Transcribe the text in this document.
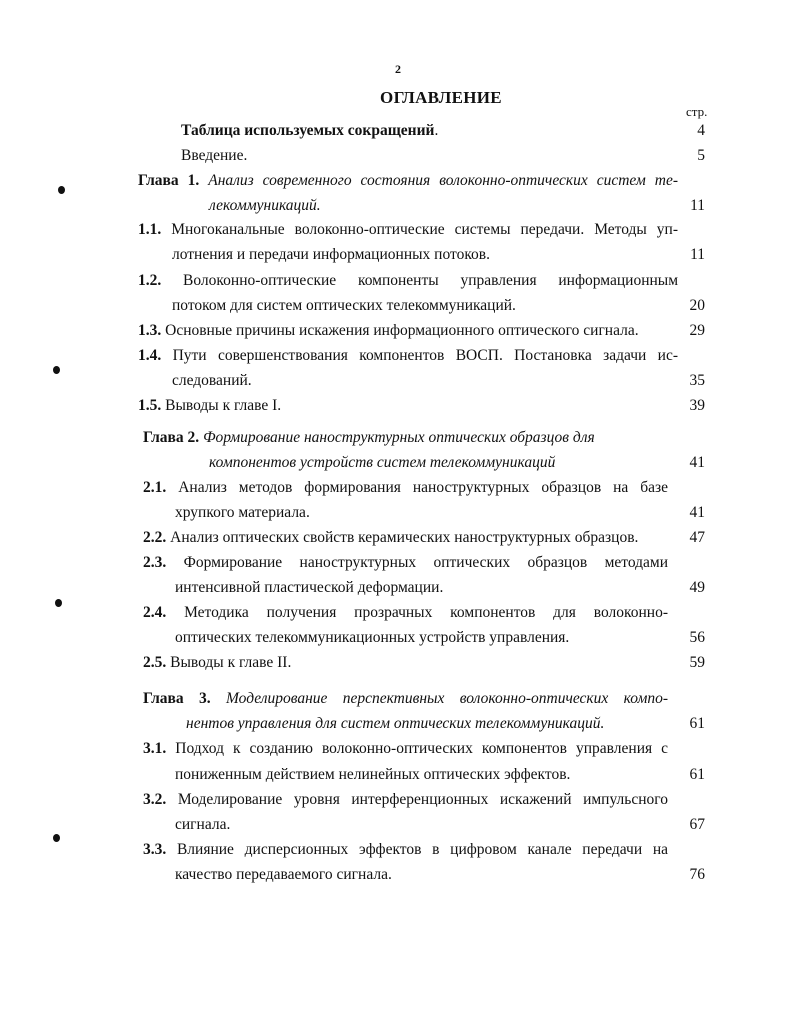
2
ОГЛАВЛЕНИЕ
стр.
Таблица используемых сокращений.	4
Введение.	5
Глава 1. Анализ современного состояния волоконно-оптических систем те-
лекоммуникаций.	11
1.1. Многоканальные волоконно-оптические системы передачи. Методы уп-
лотнения и передачи информационных потоков.	11
1.2. Волоконно-оптические компоненты управления информационным
потоком для систем оптических телекоммуникаций.	20
1.3. Основные причины искажения информационного оптического сигнала.	29
1.4. Пути совершенствования компонентов ВОСП. Постановка задачи ис-
следований.	35
1.5. Выводы к главе I.	39
Глава 2. Формирование наноструктурных оптических образцов для
компонентов устройств систем телекоммуникаций	41
2.1. Анализ методов формирования наноструктурных образцов на базе
хрупкого материала.	41
2.2. Анализ оптических свойств керамических наноструктурных образцов.	47
2.3. Формирование наноструктурных оптических образцов методами
интенсивной пластической деформации.	49
2.4. Методика получения прозрачных компонентов для волоконно-
оптических телекоммуникационных устройств управления.	56
2.5. Выводы к главе II.	59
Глава 3. Моделирование перспективных волоконно-оптических компо-
нентов управления для систем оптических телекоммуникаций.	61
3.1. Подход к созданию волоконно-оптических компонентов управления с
пониженным действием нелинейных оптических эффектов.	61
3.2. Моделирование уровня интерференционных искажений импульсного
сигнала.	67
3.3. Влияние дисперсионных эффектов в цифровом канале передачи на
качество передаваемого сигнала.	76
